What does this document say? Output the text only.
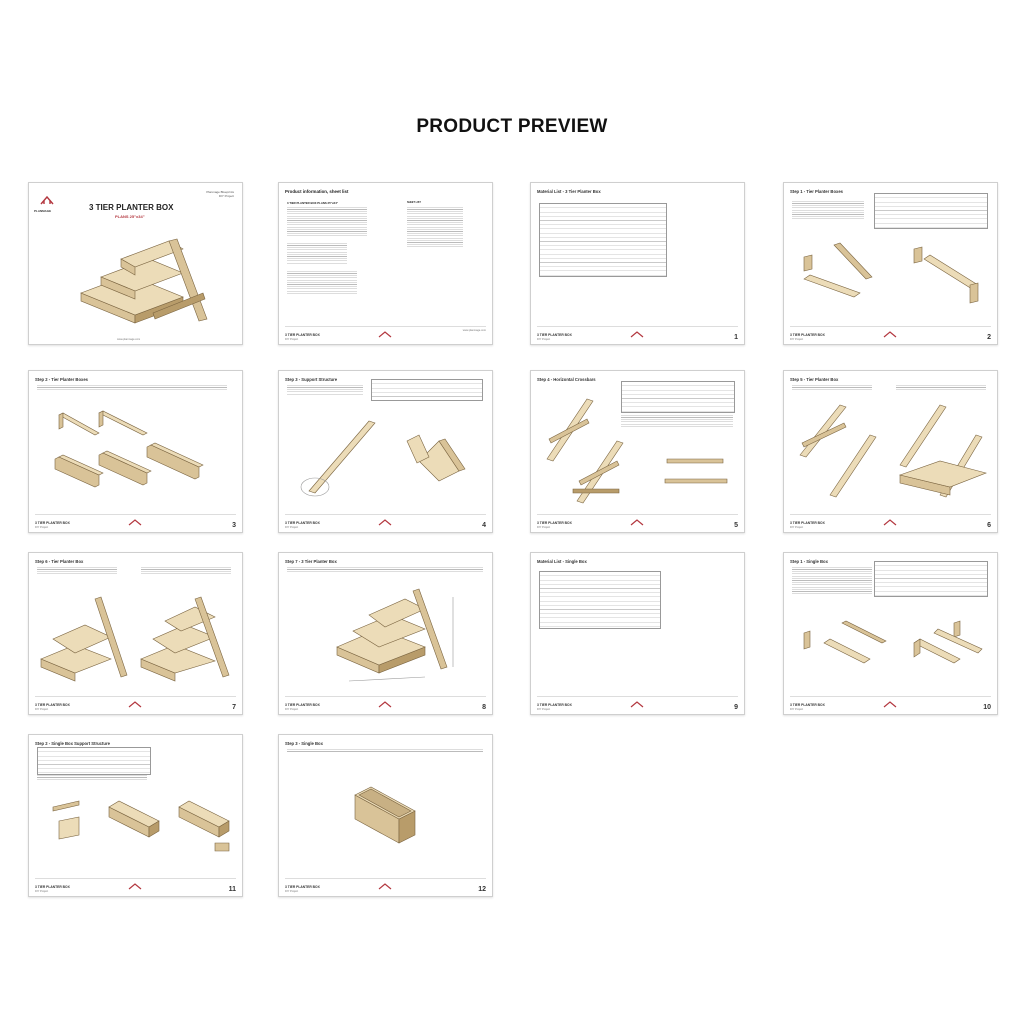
PRODUCT PREVIEW
PLANMAGE	3 TIER PLANTER BOX
PLANS 25"x34"
Planmage Blueprints
DIY Project
www.planmage.com
Product information, sheet list
3 TIER PLANTER BOX PLANS 25"x34"	SHEET LIST
3 TIER PLANTER BOX
DIY Project
www.planmage.com
Material List - 3 Tier Planter Box
3 TIER PLANTER BOX
DIY Project	1
Step 1 - Tier Planter Boxes
3 TIER PLANTER BOX
DIY Project	2
Step 2 - Tier Planter Boxes
3 TIER PLANTER BOX
DIY Project	3
Step 3 - Support Structure
3 TIER PLANTER BOX
DIY Project	4
Step 4 - Horizontal Crossbars
3 TIER PLANTER BOX
DIY Project	5
Step 5 - Tier Planter Box
3 TIER PLANTER BOX
DIY Project	6
Step 6 - Tier Planter Box
3 TIER PLANTER BOX
DIY Project	7
Step 7 - 3 Tier Planter Box
3 TIER PLANTER BOX
DIY Project	8
Material List - Single Box
3 TIER PLANTER BOX
DIY Project	9
Step 1 - Single Box
3 TIER PLANTER BOX
DIY Project	10
Step 2 - Single Box Support Structure
3 TIER PLANTER BOX
DIY Project	11
Step 3 - Single Box
3 TIER PLANTER BOX
DIY Project	12
